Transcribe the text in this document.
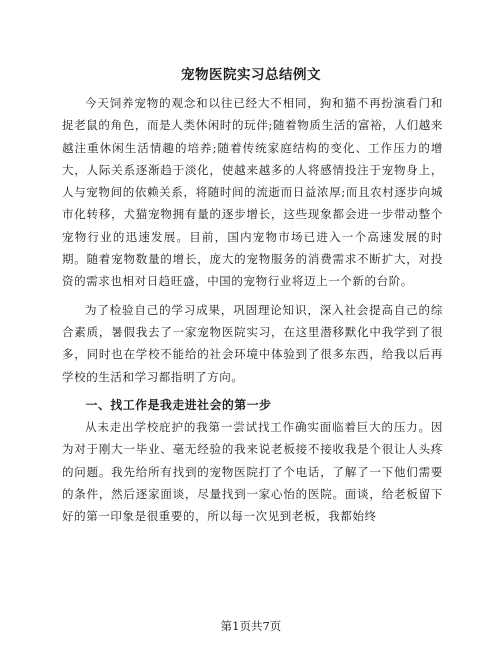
宠物医院实习总结例文

今天饲养宠物的观念和以往已经大不相同，狗和猫不再扮演看门和捉老鼠的角色，而是人类休闲时的玩伴;随着物质生活的富裕，人们越来越注重休闲生活情趣的培养;随着传统家庭结构的变化、工作压力的增大，人际关系逐渐趋于淡化，使越来越多的人将感情投注于宠物身上，人与宠物间的依赖关系，将随时间的流逝而日益浓厚;而且农村逐步向城市化转移，犬猫宠物拥有量的逐步增长，这些现象都会进一步带动整个宠物行业的迅速发展。目前，国内宠物市场已进入一个高速发展的时期。随着宠物数量的增长，庞大的宠物服务的消费需求不断扩大，对投资的需求也相对日趋旺盛，中国的宠物行业将迈上一个新的台阶。

为了检验自己的学习成果，巩固理论知识，深入社会提高自己的综合素质，暑假我去了一家宠物医院实习，在这里潜移默化中我学到了很多，同时也在学校不能给的社会环境中体验到了很多东西，给我以后再学校的生活和学习都指明了方向。

一、找工作是我走进社会的第一步

从未走出学校庇护的我第一尝试找工作确实面临着巨大的压力。因为对于刚大一毕业、毫无经验的我来说老板接不接收我是个很让人头疼的问题。我先给所有找到的宠物医院打了个电话，了解了一下他们需要的条件，然后逐家面谈，尽量找到一家心怡的医院。面谈，给老板留下好的第一印象是很重要的，所以每一次见到老板，我都始终

第1页共7页
